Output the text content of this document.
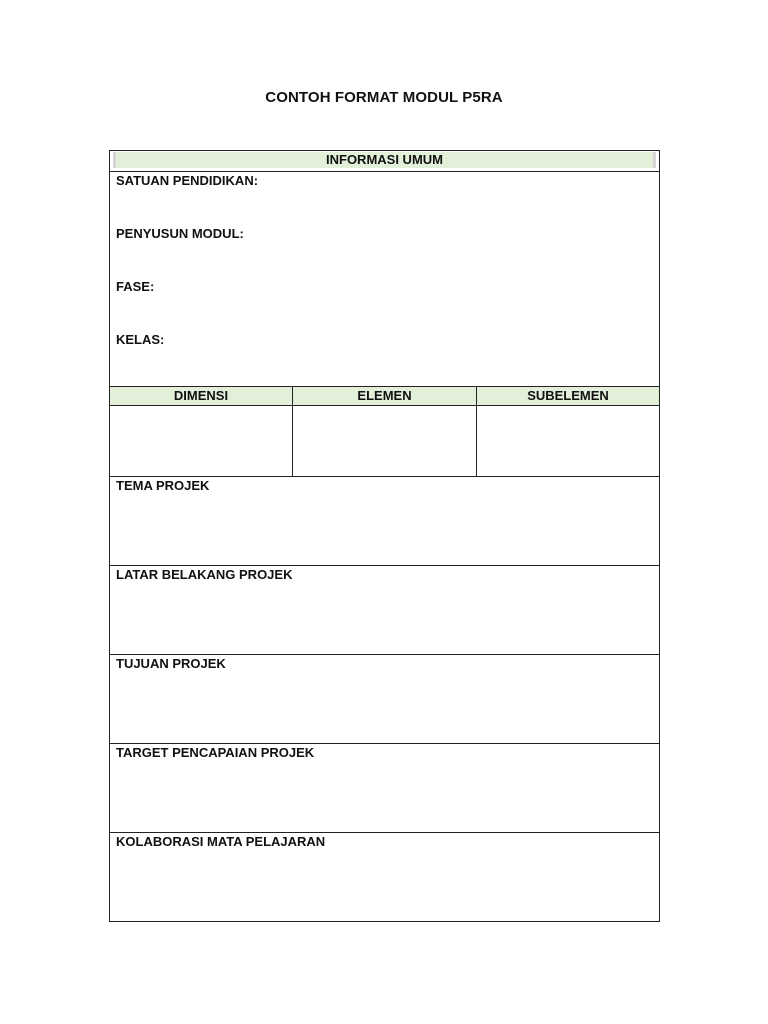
CONTOH FORMAT MODUL P5RA
INFORMASI UMUM		

SATUAN PENDIDIKAN:
PENYUSUN MODUL:
FASE:
KELAS:		

DIMENSI	ELEMEN	SUBELEMEN

TEMA PROJEK		
LATAR BELAKANG PROJEK		
TUJUAN PROJEK		
TARGET PENCAPAIAN PROJEK		
KOLABORASI MATA PELAJARAN		
